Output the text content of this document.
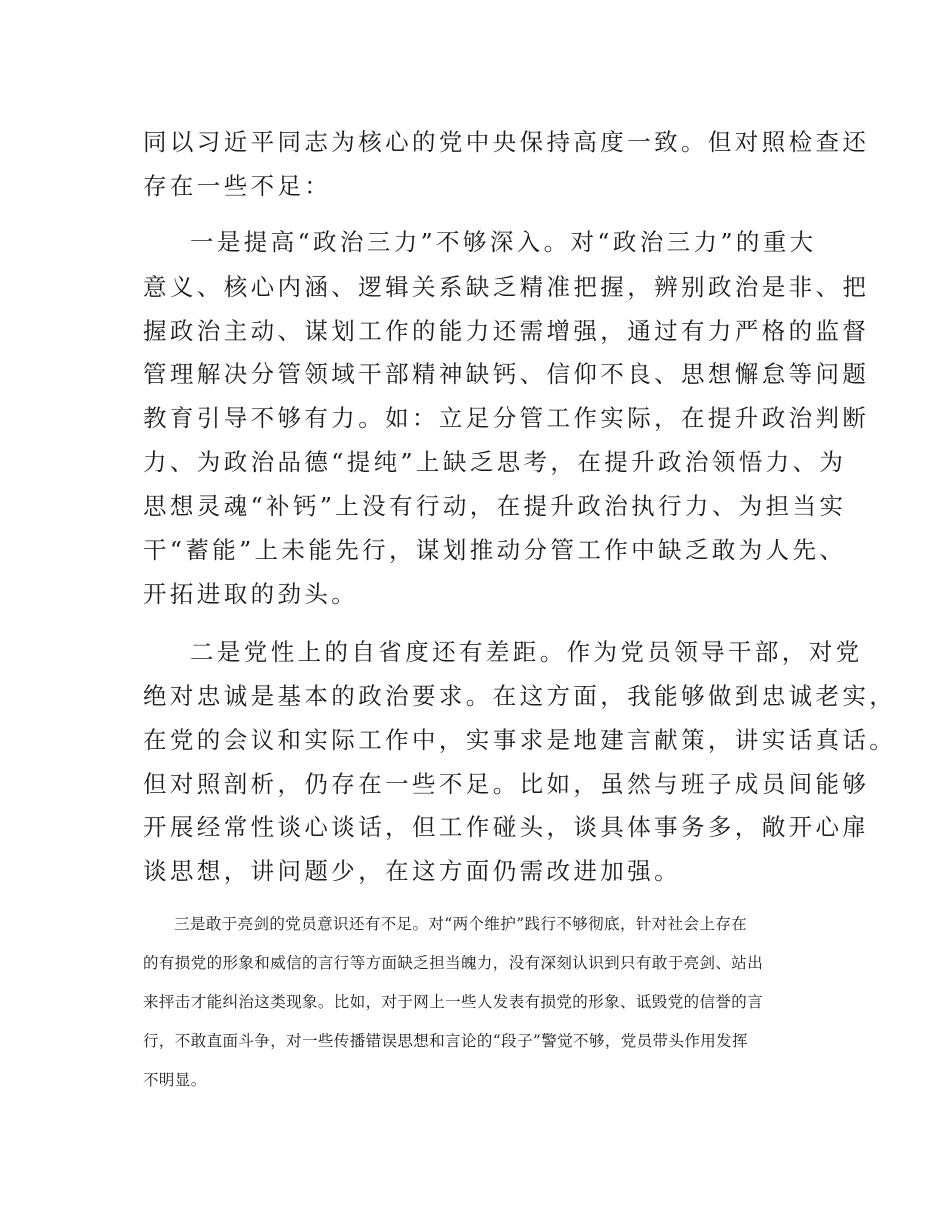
同以习近平同志为核心的党中央保持高度一致。但对照检查还

存在一些不足：

一是提高“政治三力”不够深入。对“政治三力”的重大

意义、核心内涵、逻辑关系缺乏精准把握，辨别政治是非、把

握政治主动、谋划工作的能力还需增强，通过有力严格的监督

管理解决分管领域干部精神缺钙、信仰不良、思想懈怠等问题

教育引导不够有力。如：立足分管工作实际，在提升政治判断

力、为政治品德“提纯”上缺乏思考，在提升政治领悟力、为

思想灵魂“补钙”上没有行动，在提升政治执行力、为担当实

干“蓄能”上未能先行，谋划推动分管工作中缺乏敢为人先、

开拓进取的劲头。

二是党性上的自省度还有差距。作为党员领导干部，对党

绝对忠诚是基本的政治要求。在这方面，我能够做到忠诚老实，

在党的会议和实际工作中，实事求是地建言献策，讲实话真话。

但对照剖析，仍存在一些不足。比如，虽然与班子成员间能够

开展经常性谈心谈话，但工作碰头，谈具体事务多，敞开心扉

谈思想，讲问题少，在这方面仍需改进加强。

三是敢于亮剑的党员意识还有不足。对“两个维护”践行不够彻底，针对社会上存在

的有损党的形象和威信的言行等方面缺乏担当魄力，没有深刻认识到只有敢于亮剑、站出

来抨击才能纠治这类现象。比如，对于网上一些人发表有损党的形象、诋毁党的信誉的言

行，不敢直面斗争，对一些传播错误思想和言论的“段子”警觉不够，党员带头作用发挥

不明显。
